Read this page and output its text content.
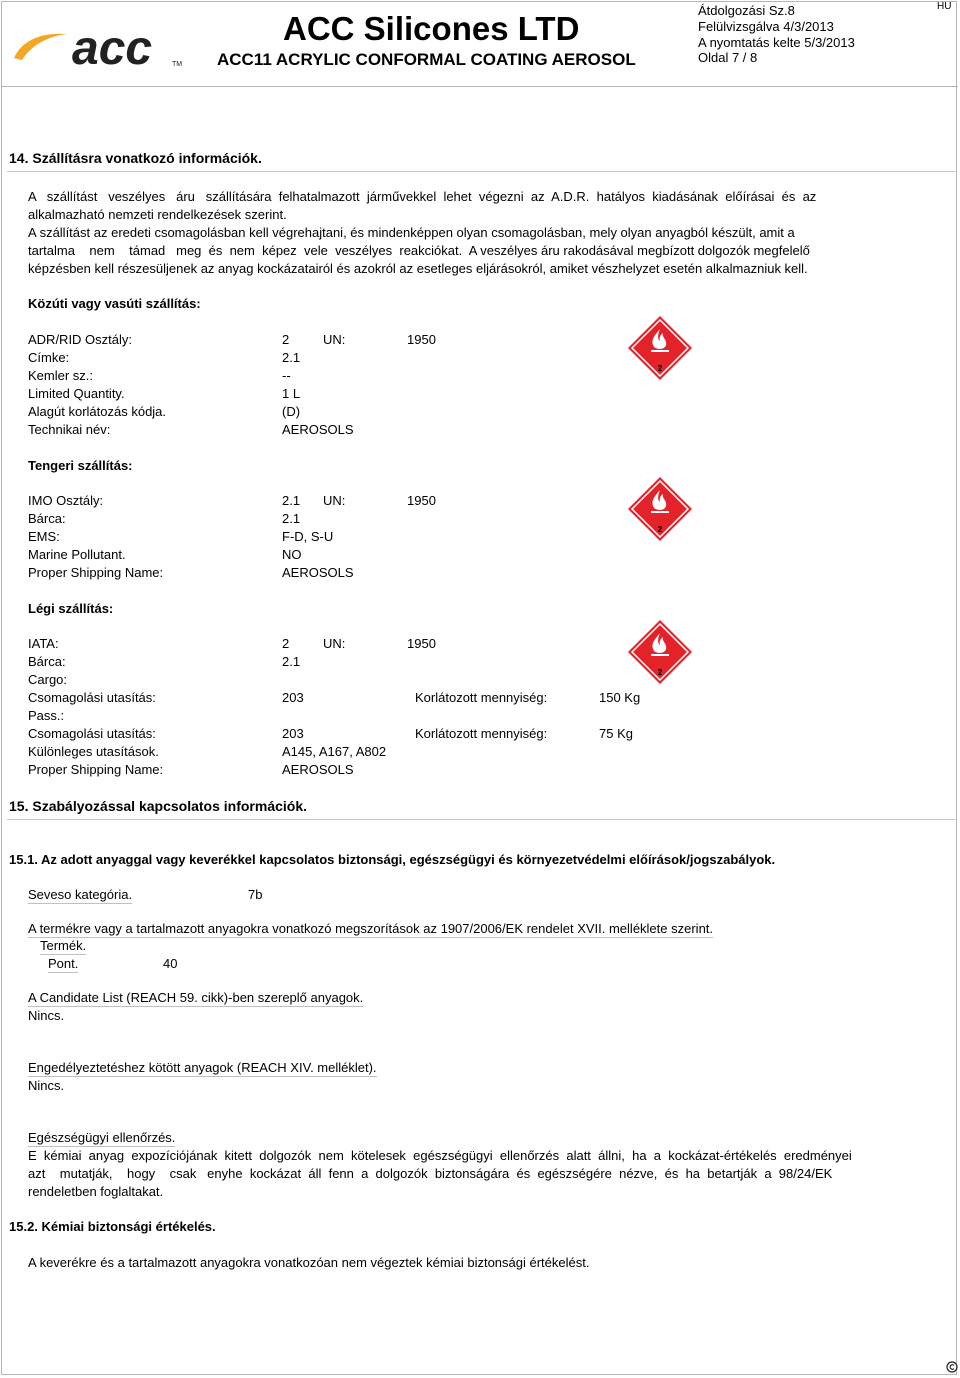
acc	TM
ACC Silicones LTD
ACC11 ACRYLIC CONFORMAL COATING AEROSOL
Átdolgozási Sz.8
Felülvizsgálva 4/3/2013
A nyomtatás kelte 5/3/2013
Oldal 7 / 8
HU
14. Szállításra vonatkozó információk.
A   szállítást   veszélyes   áru   szállítására  felhatalmazott  járművekkel  lehet  végezni  az  A.D.R.  hatályos  kiadásának  előírásai  és  az
alkalmazható nemzeti rendelkezések szerint.
A szállítást az eredeti csomagolásban kell végrehajtani, és mindenképpen olyan csomagolásban, mely olyan anyagból készült, amit a
tartalma    nem    támad   meg  és  nem  képez  vele  veszélyes  reakciókat.  A veszélyes áru rakodásával megbízott dolgozók megfelelő
képzésben kell részesüljenek az anyag kockázatairól és azokról az esetleges eljárásokról, amiket vészhelyzet esetén alkalmazniuk kell.
Közúti vagy vasúti szállítás:
ADR/RID Osztály:	2	UN:	1950
Címke:	2.1
Kemler sz.:	--
Limited Quantity.	1 L
Alagút korlátozás kódja.	(D)
Technikai név:	AEROSOLS
Tengeri szállítás:
IMO Osztály:	2.1 UN:	1950
Bárca:	2.1
EMS:	F-D, S-U
Marine Pollutant.	NO
Proper Shipping Name:	AEROSOLS
Légi szállítás:
IATA:	2	UN:	1950
Bárca:	2.1
Cargo:
Csomagolási utasítás:	203	Korlátozott mennyiség:	150 Kg
Pass.:
Csomagolási utasítás:	203	Korlátozott mennyiség:	75 Kg
Különleges utasítások.	A145, A167, A802
Proper Shipping Name:	AEROSOLS
2
2
2
15. Szabályozással kapcsolatos információk.
15.1. Az adott anyaggal vagy keverékkel kapcsolatos biztonsági, egészségügyi és környezetvédelmi előírások/jogszabályok.
Seveso kategória.	7b
A termékre vagy a tartalmazott anyagokra vonatkozó megszorítások az 1907/2006/EK rendelet XVII. melléklete szerint.
Termék.
Pont.	40
A Candidate List (REACH 59. cikk)-ben szereplő anyagok.
Nincs.
Engedélyeztetéshez kötött anyagok (REACH XIV. melléklet).
Nincs.
Egészségügyi ellenőrzés.
E  kémiai  anyag  expozíciójának  kitett  dolgozók  nem  kötelesek  egészségügyi  ellenőrzés  alatt  állni,  ha  a  kockázat-értékelés  eredményei
azt    mutatják,    hogy    csak   enyhe  kockázat  áll  fenn  a  dolgozók  biztonságára  és  egészségére  nézve,  és  ha  betartják  a  98/24/EK
rendeletben foglaltakat.
15.2. Kémiai biztonsági értékelés.
A keverékre és a tartalmazott anyagokra vonatkozóan nem végeztek kémiai biztonsági értékelést.
